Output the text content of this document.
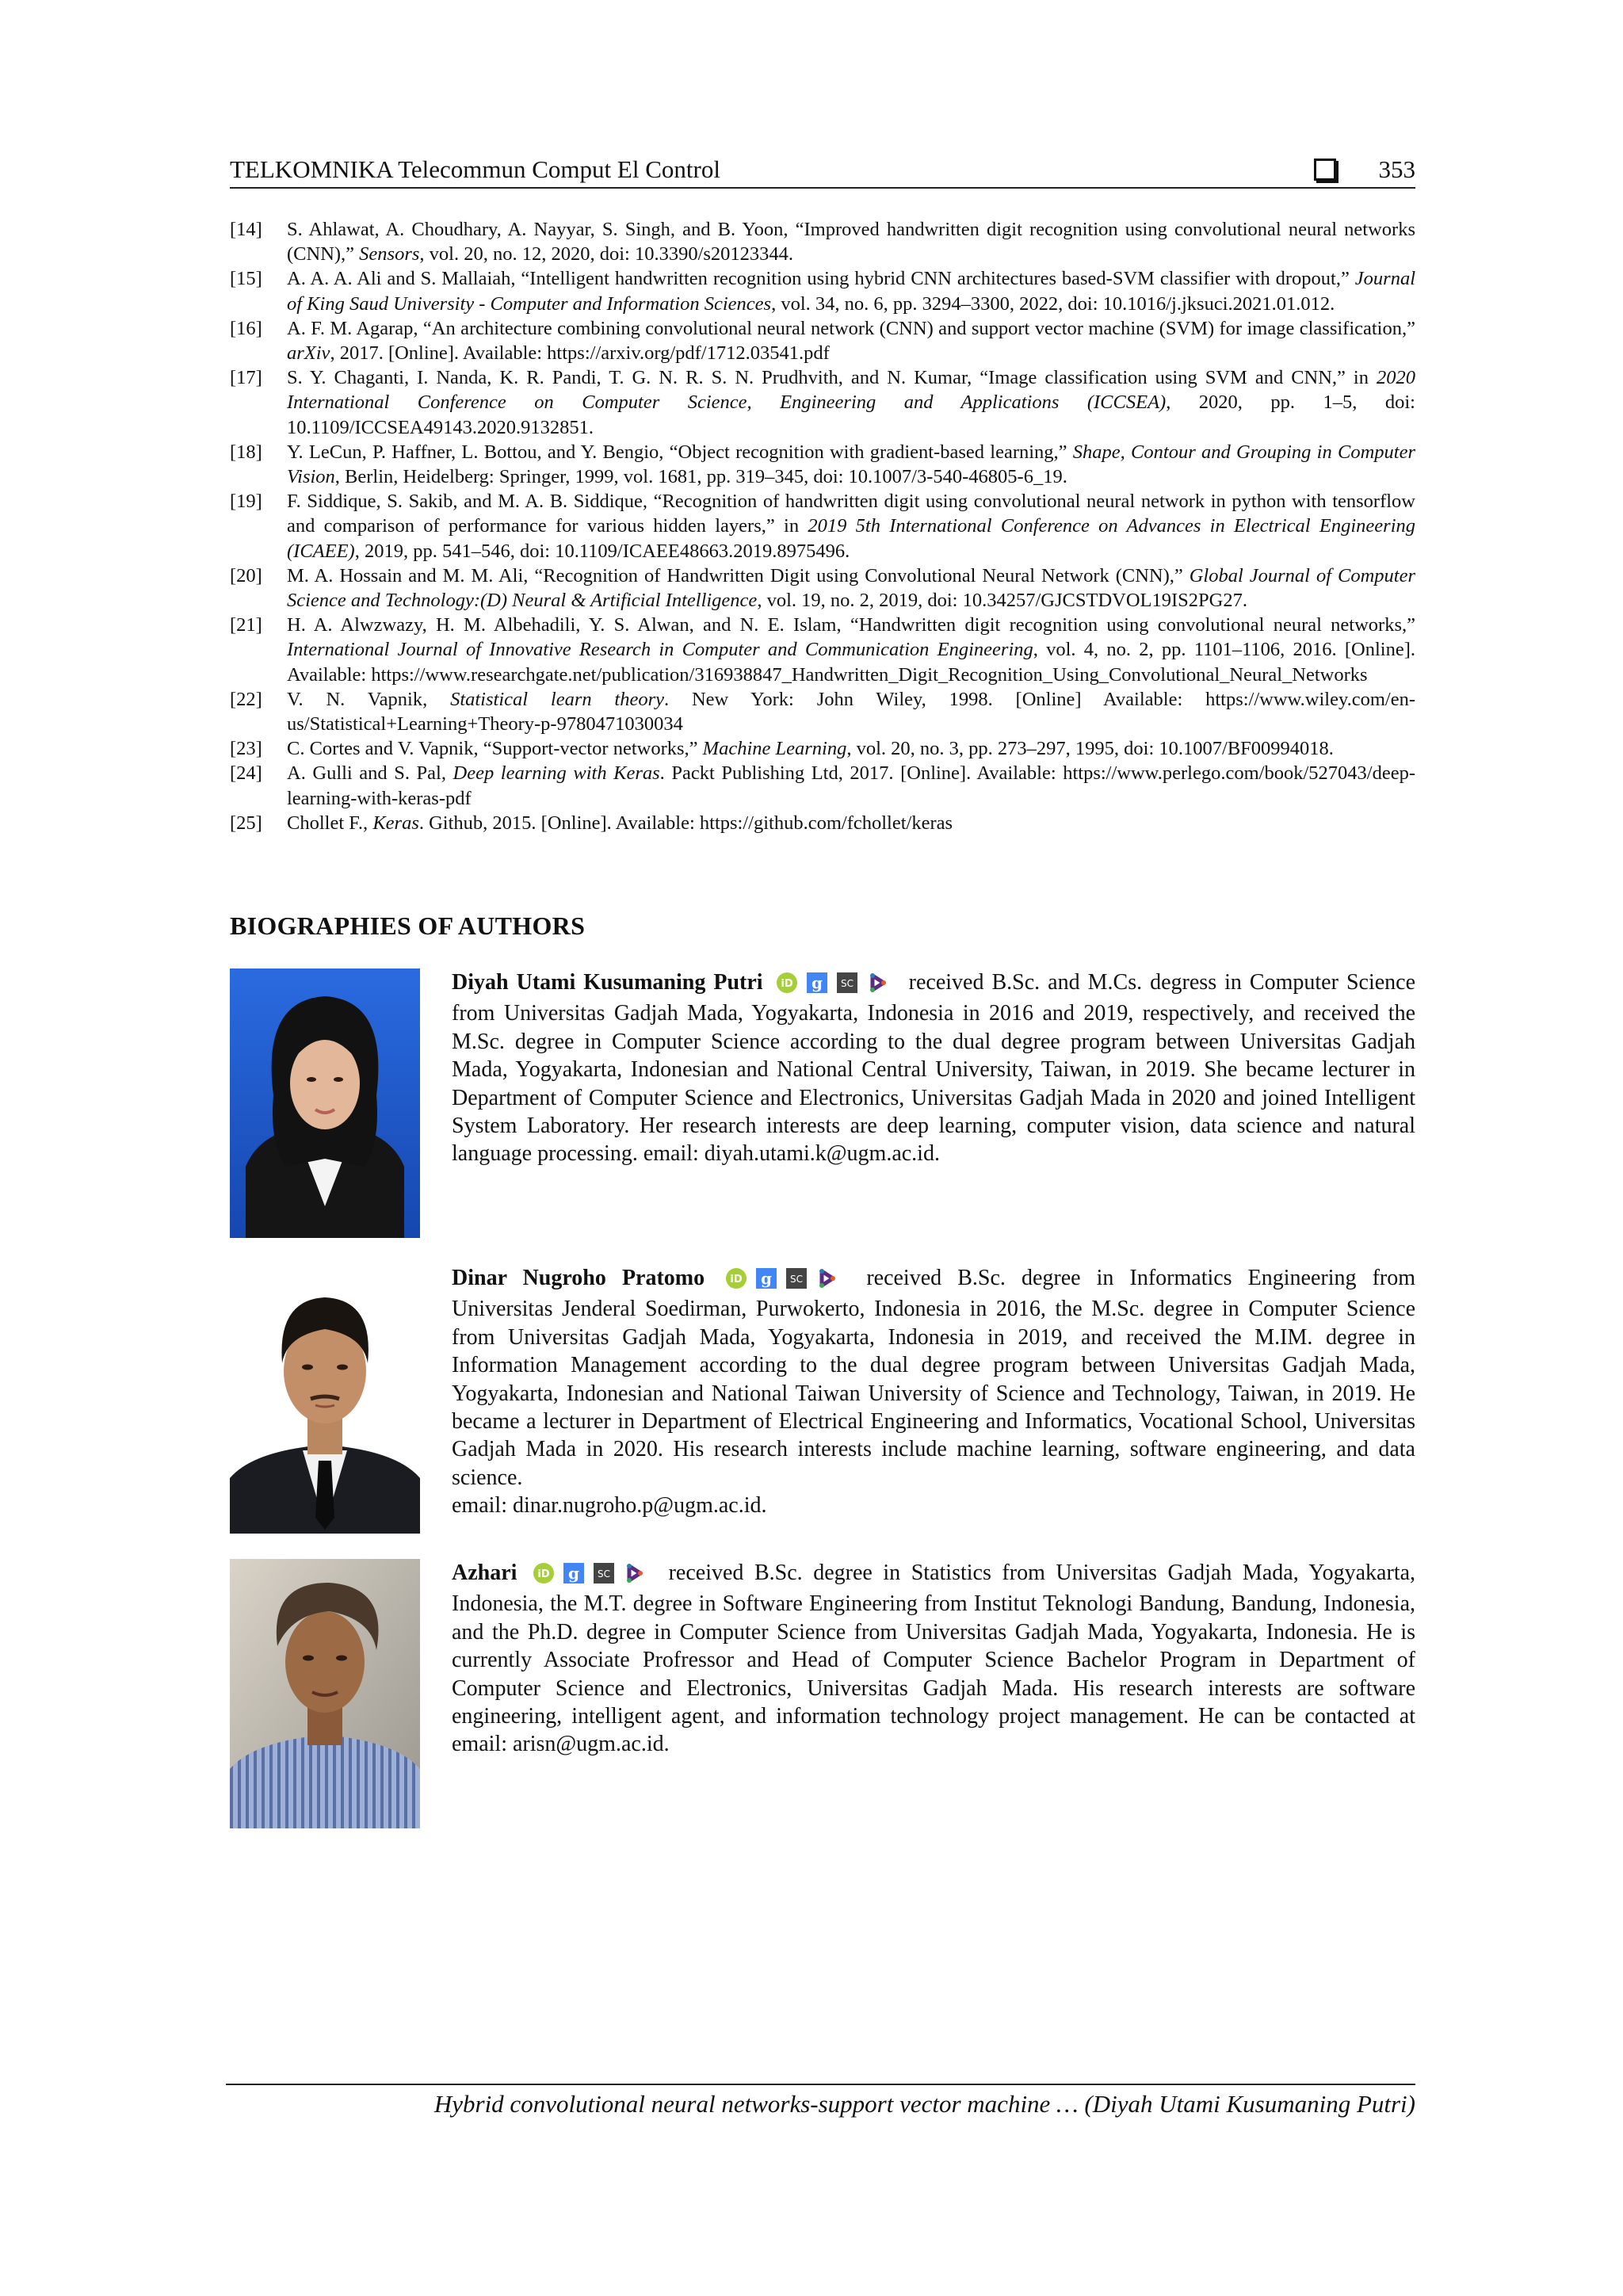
TELKOMNIKA Telecommun Comput El Control	353
[14]	S. Ahlawat, A. Choudhary, A. Nayyar, S. Singh, and B. Yoon, “Improved handwritten digit recognition using convolutional neural networks (CNN),” Sensors, vol. 20, no. 12, 2020, doi: 10.3390/s20123344.
[15]	A. A. A. Ali and S. Mallaiah, “Intelligent handwritten recognition using hybrid CNN architectures based-SVM classifier with dropout,” Journal of King Saud University - Computer and Information Sciences, vol. 34, no. 6, pp. 3294–3300, 2022, doi: 10.1016/j.jksuci.2021.01.012.
[16]	A. F. M. Agarap, “An architecture combining convolutional neural network (CNN) and support vector machine (SVM) for image classification,” arXiv, 2017. [Online]. Available: https://arxiv.org/pdf/1712.03541.pdf
[17]	S. Y. Chaganti, I. Nanda, K. R. Pandi, T. G. N. R. S. N. Prudhvith, and N. Kumar, “Image classification using SVM and CNN,” in 2020 International Conference on Computer Science, Engineering and Applications (ICCSEA), 2020, pp. 1–5, doi: 10.1109/ICCSEA49143.2020.9132851.
[18]	Y. LeCun, P. Haffner, L. Bottou, and Y. Bengio, “Object recognition with gradient-based learning,” Shape, Contour and Grouping in Computer Vision, Berlin, Heidelberg: Springer, 1999, vol. 1681, pp. 319–345, doi: 10.1007/3-540-46805-6_19.
[19]	F. Siddique, S. Sakib, and M. A. B. Siddique, “Recognition of handwritten digit using convolutional neural network in python with tensorflow and comparison of performance for various hidden layers,” in 2019 5th International Conference on Advances in Electrical Engineering (ICAEE), 2019, pp. 541–546, doi: 10.1109/ICAEE48663.2019.8975496.
[20]	M. A. Hossain and M. M. Ali, “Recognition of Handwritten Digit using Convolutional Neural Network (CNN),” Global Journal of Computer Science and Technology:(D) Neural & Artificial Intelligence, vol. 19, no. 2, 2019, doi: 10.34257/GJCSTDVOL19IS2PG27.
[21]	H. A. Alwzwazy, H. M. Albehadili, Y. S. Alwan, and N. E. Islam, “Handwritten digit recognition using convolutional neural networks,” International Journal of Innovative Research in Computer and Communication Engineering, vol. 4, no. 2, pp. 1101–1106, 2016. [Online]. Available: https://www.researchgate.net/publication/316938847_Handwritten_Digit_Recognition_Using_Convolutional_Neural_Networks
[22]	V. N. Vapnik, Statistical learn theory. New York: John Wiley, 1998. [Online] Available: https://www.wiley.com/en-us/Statistical+Learning+Theory-p-9780471030034
[23]	C. Cortes and V. Vapnik, “Support-vector networks,” Machine Learning, vol. 20, no. 3, pp. 273–297, 1995, doi: 10.1007/BF00994018.
[24]	A. Gulli and S. Pal, Deep learning with Keras. Packt Publishing Ltd, 2017. [Online]. Available: https://www.perlego.com/book/527043/deep-learning-with-keras-pdf
[25]	Chollet F., Keras. Github, 2015. [Online]. Available: https://github.com/fchollet/keras
BIOGRAPHIES OF AUTHORS
Diyah Utami Kusumaning Putri iD g SC	received B.Sc. and M.Cs. degress in Computer Science from Universitas Gadjah Mada, Yogyakarta, Indonesia in 2016 and 2019, respectively, and received the M.Sc. degree in Computer Science according to the dual degree program between Universitas Gadjah Mada, Yogyakarta, Indonesian and National Central University, Taiwan, in 2019. She became lecturer in Department of Computer Science and Electronics, Universitas Gadjah Mada in 2020 and joined Intelligent System Laboratory. Her research interests are deep learning, computer vision, data science and natural language processing. email: diyah.utami.k@ugm.ac.id.
Dinar Nugroho Pratomo iD g SC	received B.Sc. degree in Informatics Engineering from Universitas Jenderal Soedirman, Purwokerto, Indonesia in 2016, the M.Sc. degree in Computer Science from Universitas Gadjah Mada, Yogyakarta, Indonesia in 2019, and received the M.IM. degree in Information Management according to the dual degree program between Universitas Gadjah Mada, Yogyakarta, Indonesian and National Taiwan University of Science and Technology, Taiwan, in 2019. He became a lecturer in Department of Electrical Engineering and Informatics, Vocational School, Universitas Gadjah Mada in 2020. His research interests include machine learning, software engineering, and data science.
email: dinar.nugroho.p@ugm.ac.id.
Azhari iD g SC	received B.Sc. degree in Statistics from Universitas Gadjah Mada, Yogyakarta, Indonesia, the M.T. degree in Software Engineering from Institut Teknologi Bandung, Bandung, Indonesia, and the Ph.D. degree in Computer Science from Universitas Gadjah Mada, Yogyakarta, Indonesia. He is currently Associate Profressor and Head of Computer Science Bachelor Program in Department of Computer Science and Electronics, Universitas Gadjah Mada. His research interests are software engineering, intelligent agent, and information technology project management. He can be contacted at email: arisn@ugm.ac.id.
Hybrid convolutional neural networks-support vector machine … (Diyah Utami Kusumaning Putri)
